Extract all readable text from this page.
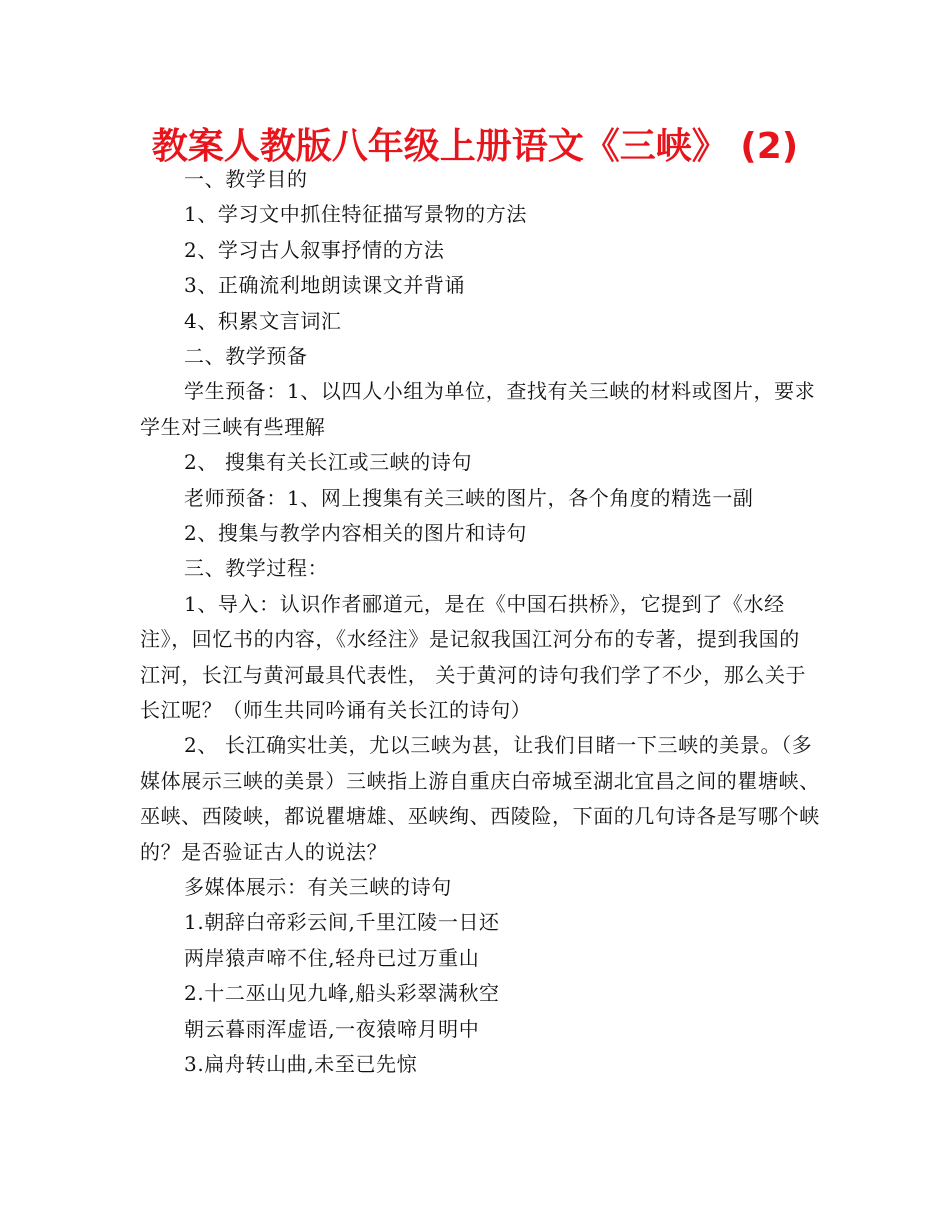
教案人教版八年级上册语文《三峡》 (2)

一、教学目的

1、学习文中抓住特征描写景物的方法

2、学习古人叙事抒情的方法

3、正确流利地朗读课文并背诵

4、积累文言词汇

二、教学预备

学生预备：1、以四人小组为单位，查找有关三峡的材料或图片，要求学生对三峡有些理解

2、 搜集有关长江或三峡的诗句

老师预备：1、网上搜集有关三峡的图片，各个角度的精选一副

2、搜集与教学内容相关的图片和诗句

三、教学过程：

1、导入：认识作者郦道元，是在《中国石拱桥》，它提到了《水经注》，回忆书的内容，《水经注》是记叙我国江河分布的专著，提到我国的江河，长江与黄河最具代表性， 关于黄河的诗句我们学了不少，那么关于长江呢？（师生共同吟诵有关长江的诗句）

2、 长江确实壮美，尤以三峡为甚，让我们目睹一下三峡的美景。（多媒体展示三峡的美景）三峡指上游自重庆白帝城至湖北宜昌之间的瞿塘峡、巫峡、西陵峡，都说瞿塘雄、巫峡绚、西陵险，下面的几句诗各是写哪个峡的？是否验证古人的说法？

多媒体展示：有关三峡的诗句

1.朝辞白帝彩云间,千里江陵一日还

两岸猿声啼不住,轻舟已过万重山

2.十二巫山见九峰,船头彩翠满秋空

朝云暮雨浑虚语,一夜猿啼月明中

3.扁舟转山曲,未至已先惊
